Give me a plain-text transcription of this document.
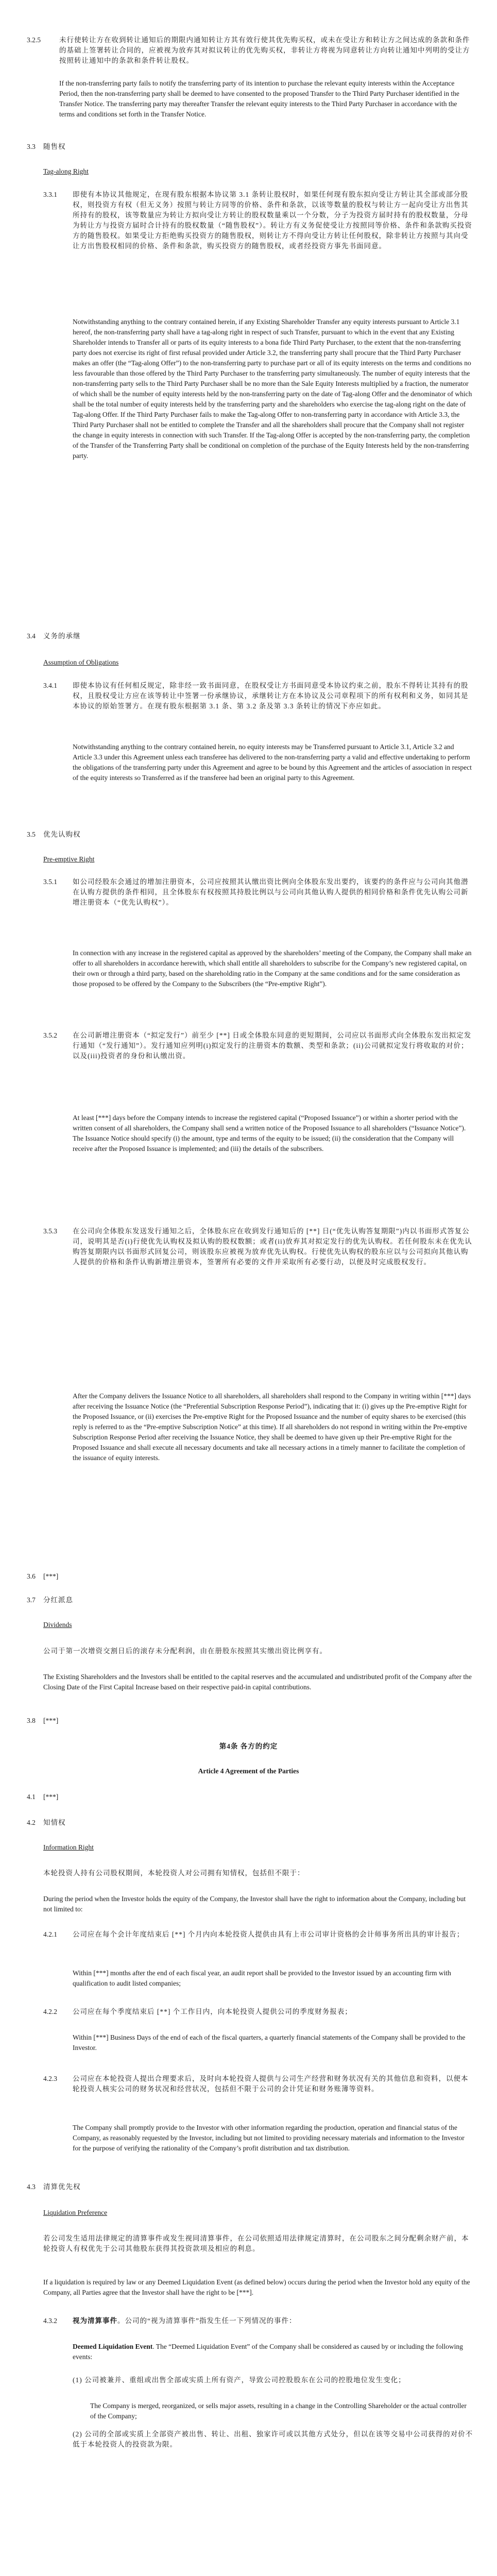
3.2.5	未行使转让方在收到转让通知后的期限内通知转让方其有效行使其优先购买权，或未在受让方和转让方之间达成的条款和条件的基础上签署转让合同的，应被视为放弃其对拟议转让的优先购买权，非转让方将视为同意转让方向转让通知中列明的受让方按照转让通知中的条款和条件转让股权。
If the non-transferring party fails to notify the transferring party of its intention to purchase the relevant equity interests within the Acceptance Period, then the non-transferring party shall be deemed to have consented to the proposed Transfer to the Third Party Purchaser identified in the Transfer Notice. The transferring party may thereafter Transfer the relevant equity interests to the Third Party Purchaser in accordance with the terms and conditions set forth in the Transfer Notice.
3.3 随售权
Tag-along Right
3.3.1 即使有本协议其他规定，在现有股东根据本协议第 3.1 条转让股权时，如果任何现有股东拟向受让方转让其全部或部分股权，则投资方有权（但无义务）按照与转让方同等的价格、条件和条款，以该等数量的股权与转让方一起向受让方出售其所持有的股权，该等数量应为转让方拟向受让方转让的股权数量乘以一个分数，分子为投资方届时持有的股权数量，分母为转让方与投资方届时合计持有的股权数量（“随售股权”）。转让方有义务促使受让方按照同等价格、条件和条款购买投资方的随售股权。如果受让方拒绝购买投资方的随售股权，则转让方不得向受让方转让任何股权，除非转让方按照与其向受让方出售股权相同的价格、条件和条款，购买投资方的随售股权，或者经投资方事先书面同意。
Notwithstanding anything to the contrary contained herein, if any Existing Shareholder Transfer any equity interests pursuant to Article 3.1 hereof, the non-transferring party shall have a tag-along right in respect of such Transfer, pursuant to which in the event that any Existing Shareholder intends to Transfer all or parts of its equity interests to a bona fide Third Party Purchaser, to the extent that the non-transferring party does not exercise its right of first refusal provided under Article 3.2, the transferring party shall procure that the Third Party Purchaser makes an offer (the “Tag-along Offer”) to the non-transferring party to purchase part or all of its equity interests on the terms and conditions no less favourable than those offered by the Third Party Purchaser to the transferring party simultaneously. The number of equity interests that the non-transferring party sells to the Third Party Purchaser shall be no more than the Sale Equity Interests multiplied by a fraction, the numerator of which shall be the number of equity interests held by the non-transferring party on the date of Tag-along Offer and the denominator of which shall be the total number of equity interests held by the transferring party and the shareholders who exercise the tag-along right on the date of Tag-along Offer. If the Third Party Purchaser fails to make the Tag-along Offer to non-transferring party in accordance with Article 3.3, the Third Party Purchaser shall not be entitled to complete the Transfer and all the shareholders shall procure that the Company shall not register the change in equity interests in connection with such Transfer. If the Tag-along Offer is accepted by the non-transferring party, the completion of the Transfer of the Transferring Party shall be conditional on completion of the purchase of the Equity Interests held by the non-transferring party.
3.4 义务的承继
Assumption of Obligations
3.4.1 即使本协议有任何相反规定，除非经一致书面同意，在股权受让方书面同意受本协议约束之前，股东不得转让其持有的股权，且股权受让方应在该等转让中签署一份承继协议，承继转让方在本协议及公司章程项下的所有权利和义务，如同其是本协议的原始签署方。在现有股东根据第 3.1 条、第 3.2 条及第 3.3 条转让的情况下亦应如此。
Notwithstanding anything to the contrary contained herein, no equity interests may be Transferred pursuant to Article 3.1, Article 3.2 and Article 3.3 under this Agreement unless each transferee has delivered to the non-transferring party a valid and effective undertaking to perform the obligations of the transferring party under this Agreement and agree to be bound by this Agreement and the articles of association in respect of the equity interests so Transferred as if the transferee had been an original party to this Agreement.
3.5 优先认购权
Pre-emptive Right
3.5.1 如公司经股东会通过的增加注册资本，公司应按照其认缴出资比例向全体股东发出要约，该要约的条件应与公司向其他潜在认购方提供的条件相同，且全体股东有权按照其持股比例以与公司向其他认购人提供的相同价格和条件优先认购公司新增注册资本（“优先认购权”）。
In connection with any increase in the registered capital as approved by the shareholders’ meeting of the Company, the Company shall make an offer to all shareholders in accordance herewith, which shall entitle all shareholders to subscribe for the Company’s new registered capital, on their own or through a third party, based on the shareholding ratio in the Company at the same conditions and for the same consideration as those proposed to be offered by the Company to the Subscribers (the “Pre-emptive Right”).
3.5.2 在公司新增注册资本（“拟定发行”）前至少 [**] 日或全体股东同意的更短期间，公司应以书面形式向全体股东发出拟定发行通知（“发行通知”）。发行通知应列明(i)拟定发行的注册资本的数额、类型和条款；(ii)公司就拟定发行将收取的对价；以及(iii)投资者的身份和认缴出资。
At least [***] days before the Company intends to increase the registered capital (“Proposed Issuance”) or within a shorter period with the written consent of all shareholders, the Company shall send a written notice of the Proposed Issuance to all shareholders (“Issuance Notice”). The Issuance Notice should specify (i) the amount, type and terms of the equity to be issued; (ii) the consideration that the Company will receive after the Proposed Issuance is implemented; and (iii) the details of the subscribers.
3.5.3 在公司向全体股东发送发行通知之后，全体股东应在收到发行通知后的 [**] 日(“优先认购答复期限”)内以书面形式答复公司，说明其是否(i)行使优先认购权及拟认购的股权数额；或者(ii)放弃其对拟定发行的优先认购权。若任何股东未在优先认购答复期限内以书面形式回复公司，则该股东应被视为放弃优先认购权。行使优先认购权的股东应以与公司拟向其他认购人提供的价格和条件认购新增注册资本，签署所有必要的文件并采取所有必要行动，以便及时完成股权发行。
After the Company delivers the Issuance Notice to all shareholders, all shareholders shall respond to the Company in writing within [***] days after receiving the Issuance Notice (the “Preferential Subscription Response Period”), indicating that it: (i) gives up the Pre-emptive Right for the Proposed Issuance, or (ii) exercises the Pre-emptive Right for the Proposed Issuance and the number of equity shares to be exercised (this reply is referred to as the “Pre-emptive Subscription Notice” at this time). If all shareholders do not respond in writing within the Pre-emptive Subscription Response Period after receiving the Issuance Notice, they shall be deemed to have given up their Pre-emptive Right for the Proposed Issuance and shall execute all necessary documents and take all necessary actions in a timely manner to facilitate the completion of the issuance of equity interests.
3.6 [***]
3.7 分红派息
Dividends
公司于第一次增资交割日后的滚存未分配利润，由在册股东按照其实缴出资比例享有。
The Existing Shareholders and the Investors shall be entitled to the capital reserves and the accumulated and undistributed profit of the Company after the Closing Date of the First Capital Increase based on their respective paid-in capital contributions.
3.8 [***]
第4条 各方的约定
Article 4 Agreement of the Parties
4.1 [***]
4.2 知情权
Information Right
本轮投资人持有公司股权期间，本轮投资人对公司拥有知情权，包括但不限于：
During the period when the Investor holds the equity of the Company, the Investor shall have the right to information about the Company, including but not limited to:
4.2.1 公司应在每个会计年度结束后 [**] 个月内向本轮投资人提供由具有上市公司审计资格的会计师事务所出具的审计报告；
Within [***] months after the end of each fiscal year, an audit report shall be provided to the Investor issued by an accounting firm with qualification to audit listed companies;
4.2.2 公司应在每个季度结束后 [**] 个工作日内，向本轮投资人提供公司的季度财务报表；
Within [***] Business Days of the end of each of the fiscal quarters, a quarterly financial statements of the Company shall be provided to the Investor.
4.2.3 公司应在本轮投资人提出合理要求后，及时向本轮投资人提供与公司生产经营和财务状况有关的其他信息和资料，以便本轮投资人核实公司的财务状况和经营状况，包括但不限于公司的会计凭证和财务账簿等资料。
The Company shall promptly provide to the Investor with other information regarding the production, operation and financial status of the Company, as reasonably requested by the Investor, including but not limited to providing necessary materials and information to the Investor for the purpose of verifying the rationality of the Company’s profit distribution and tax distribution.
4.3 清算优先权
Liquidation Preference
若公司发生适用法律规定的清算事件或发生视同清算事件，在公司依照适用法律规定清算时，在公司股东之间分配剩余财产前，本轮投资人有权优先于公司其他股东获得其投资款项及相应的利息。
If a liquidation is required by law or any Deemed Liquidation Event (as defined below) occurs during the period when the Investor hold any equity of the Company, all Parties agree that the Investor shall have the right to be [***].
4.3.2 视为清算事件。公司的“视为清算事件”指发生任一下列情况的事件：
Deemed Liquidation Event. The “Deemed Liquidation Event” of the Company shall be considered as caused by or including the following events:
(1) 公司被兼并、重组或出售全部或实质上所有资产，导致公司控股股东在公司的控股地位发生变化；
The Company is merged, reorganized, or sells major assets, resulting in a change in the Controlling Shareholder or the actual controller of the Company;
(2) 公司的全部或实质上全部资产被出售、转让、出租、独家许可或以其他方式处分，但以在该等交易中公司获得的对价不低于本轮投资人的投资款为限。
